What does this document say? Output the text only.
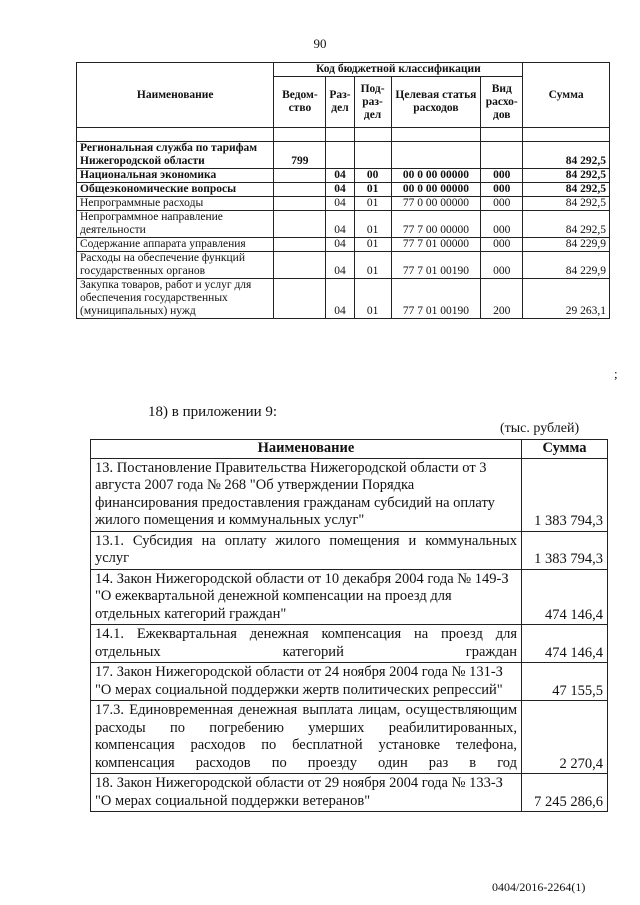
90
Наименование	Код бюджетной классификации					Сумма
	Ведом-ство	Раз-дел	Под-раз-дел	Целевая статья расходов	Вид расхо-дов	

Региональная служба по тарифам Нижегородской области	799					84 292,5
Национальная экономика		04	00	00 0 00 00000	000	84 292,5
Общеэкономические вопросы		04	01	00 0 00 00000	000	84 292,5
Непрограммные расходы		04	01	77 0 00 00000	000	84 292,5
Непрограммное направление деятельности		04	01	77 7 00 00000	000	84 292,5
Содержание аппарата управления		04	01	77 7 01 00000	000	84 229,9
Расходы на обеспечение функций государственных органов		04	01	77 7 01 00190	000	84 229,9
Закупка товаров, работ и услуг для обеспечения государственных (муниципальных) нужд		04	01	77 7 01 00190	200	29 263,1
;
18) в приложении 9:
(тыс. рублей)
Наименование	Сумма
13. Постановление Правительства Нижегородской области от 3 августа 2007 года № 268 "Об утверждении Порядка финансирования предоставления гражданам субсидий на оплату жилого помещения и коммунальных услуг"	1 383 794,3
13.1. Субсидия на оплату жилого помещения и коммунальных услуг	1 383 794,3
14. Закон Нижегородской области от 10 декабря 2004 года № 149-З "О ежеквартальной денежной компенсации на проезд для отдельных категорий граждан"	474 146,4
14.1. Ежеквартальная денежная компенсация на проезд для отдельных категорий граждан	474 146,4
17. Закон Нижегородской области от 24 ноября 2004 года № 131-З "О мерах социальной поддержки жертв политических репрессий"	47 155,5
17.3. Единовременная денежная выплата лицам, осуществляющим расходы по погребению умерших реабилитированных, компенсация расходов по бесплатной установке телефона, компенсация расходов по проезду один раз в год	2 270,4
18. Закон Нижегородской области от 29 ноября 2004 года № 133-З "О мерах социальной поддержки ветеранов"	7 245 286,6
0404/2016-2264(1)
